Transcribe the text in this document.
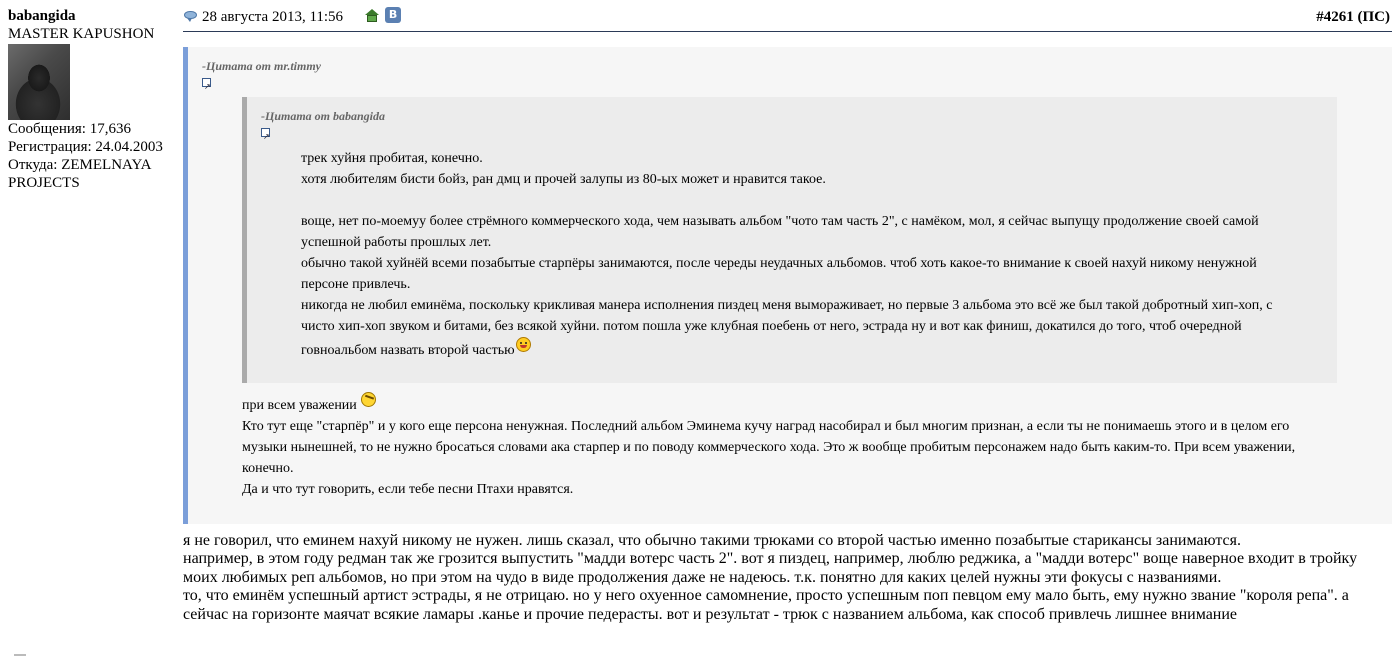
babangida
MASTER KAPUSHON
Сообщения: 17,636
Регистрация: 24.04.2003
Откуда: ZEMELNAYA PROJECTS
28 августа 2013, 11:56	B	#4261 (ПС)
-Цитата от mr.timmy
↗
-Цитата от babangida
↗
трек хуйня пробитая, конечно.
хотя любителям бисти бойз, ран дмц и прочей залупы из 80-ых может и нравится такое.
воще, нет по-моемуу более стрёмного коммерческого хода, чем называть альбом "чото там часть 2", с намёком, мол, я сейчас выпущу продолжение своей самой успешной работы прошлых лет.
обычно такой хуйнёй всеми позабытые старпёры занимаются, после череды неудачных альбомов. чтоб хоть какое-то внимание к своей нахуй никому ненужной персоне привлечь.
никогда не любил еминёма, поскольку крикливая манера исполнения пиздец меня вымораживает, но первые 3 альбома это всё же был такой добротный хип-хоп, с чисто хип-хоп звуком и битами, без всякой хуйни. потом пошла уже клубная поебень от него, эстрада ну и вот как финиш, докатился до того, чтоб очередной говноальбом назвать второй частью
при всем уважении
Кто тут еще "старпёр" и у кого еще персона ненужная. Последний альбом Эминема кучу наград насобирал и был многим признан, а если ты не понимаешь этого и в целом его музыки нынешней, то не нужно бросаться словами ака старпер и по поводу коммерческого хода. Это ж вообще пробитым персонажем надо быть каким-то. При всем уважении, конечно.
Да и что тут говорить, если тебе песни Птахи нравятся.
я не говорил, что еминем нахуй никому не нужен. лишь сказал, что обычно такими трюками со второй частью именно позабытые старикансы занимаются.
например, в этом году редман так же грозится выпустить "мадди вотерс часть 2". вот я пиздец, например, люблю реджика, а "мадди вотерс" воще наверное входит в тройку моих любимых реп альбомов, но при этом на чудо в виде продолжения даже не надеюсь. т.к. понятно для каких целей нужны эти фокусы с названиями.
то, что еминём успешный артист эстрады, я не отрицаю. но у него охуенное самомнение, просто успешным поп певцом ему мало быть, ему нужно звание "короля репа". а сейчас на горизонте маячат всякие ламары .канье и прочие педерасты. вот и результат - трюк с названием альбома, как способ привлечь лишнее внимание
